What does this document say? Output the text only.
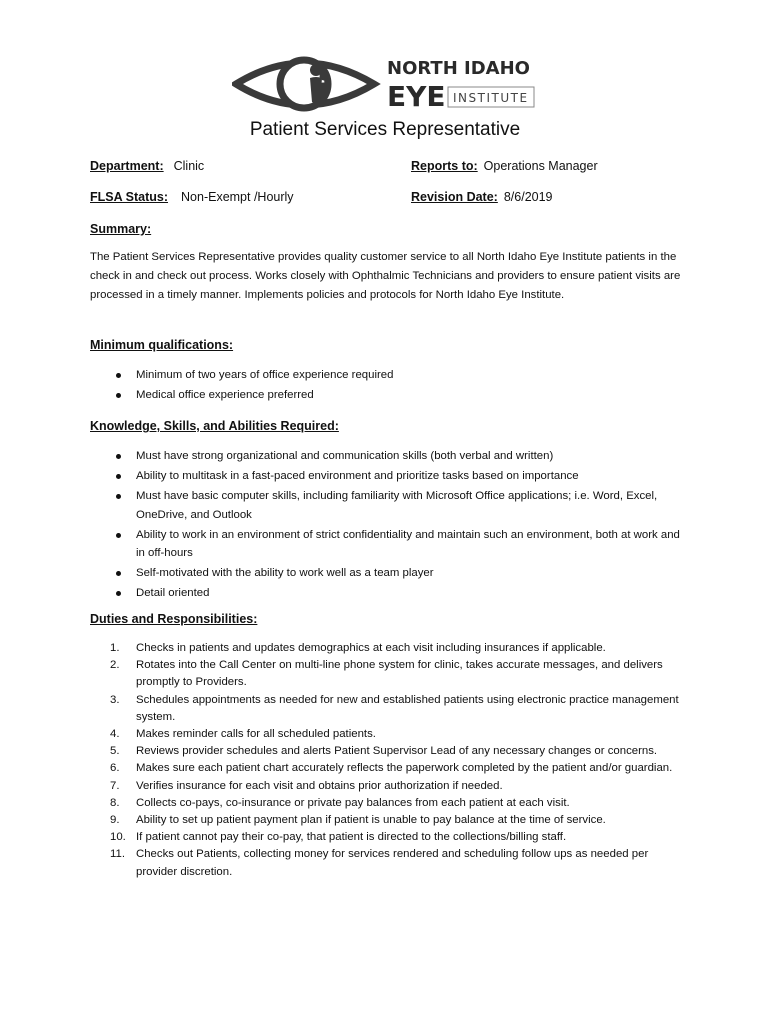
NORTH IDAHO
EYE INSTITUTE
Patient Services Representative
Department: Clinic	Reports to: Operations Manager
FLSA Status: Non-Exempt /Hourly	Revision Date: 8/6/2019
Summary:

The Patient Services Representative provides quality customer service to all North Idaho Eye Institute patients in the check in and check out process. Works closely with Ophthalmic Technicians and providers to ensure patient visits are processed in a timely manner. Implements policies and protocols for North Idaho Eye Institute.

Minimum qualifications:
Minimum of two years of office experience required
Medical office experience preferred
Knowledge, Skills, and Abilities Required:
Must have strong organizational and communication skills (both verbal and written)
Ability to multitask in a fast-paced environment and prioritize tasks based on importance
Must have basic computer skills, including familiarity with Microsoft Office applications; i.e. Word, Excel, OneDrive, and Outlook
Ability to work in an environment of strict confidentiality and maintain such an environment, both at work and in off-hours
Self-motivated with the ability to work well as a team player
Detail oriented
Duties and Responsibilities:
1.	Checks in patients and updates demographics at each visit including insurances if applicable.
2.	Rotates into the Call Center on multi-line phone system for clinic, takes accurate messages, and delivers promptly to Providers.
3.	Schedules appointments as needed for new and established patients using electronic practice management system.
4.	Makes reminder calls for all scheduled patients.
5.	Reviews provider schedules and alerts Patient Supervisor Lead of any necessary changes or concerns.
6.	Makes sure each patient chart accurately reflects the paperwork completed by the patient and/or guardian.
7.	Verifies insurance for each visit and obtains prior authorization if needed.
8.	Collects co-pays, co-insurance or private pay balances from each patient at each visit.
9.	Ability to set up patient payment plan if patient is unable to pay balance at the time of service.
10. If patient cannot pay their co-pay, that patient is directed to the collections/billing staff.
11. Checks out Patients, collecting money for services rendered and scheduling follow ups as needed per provider discretion.
